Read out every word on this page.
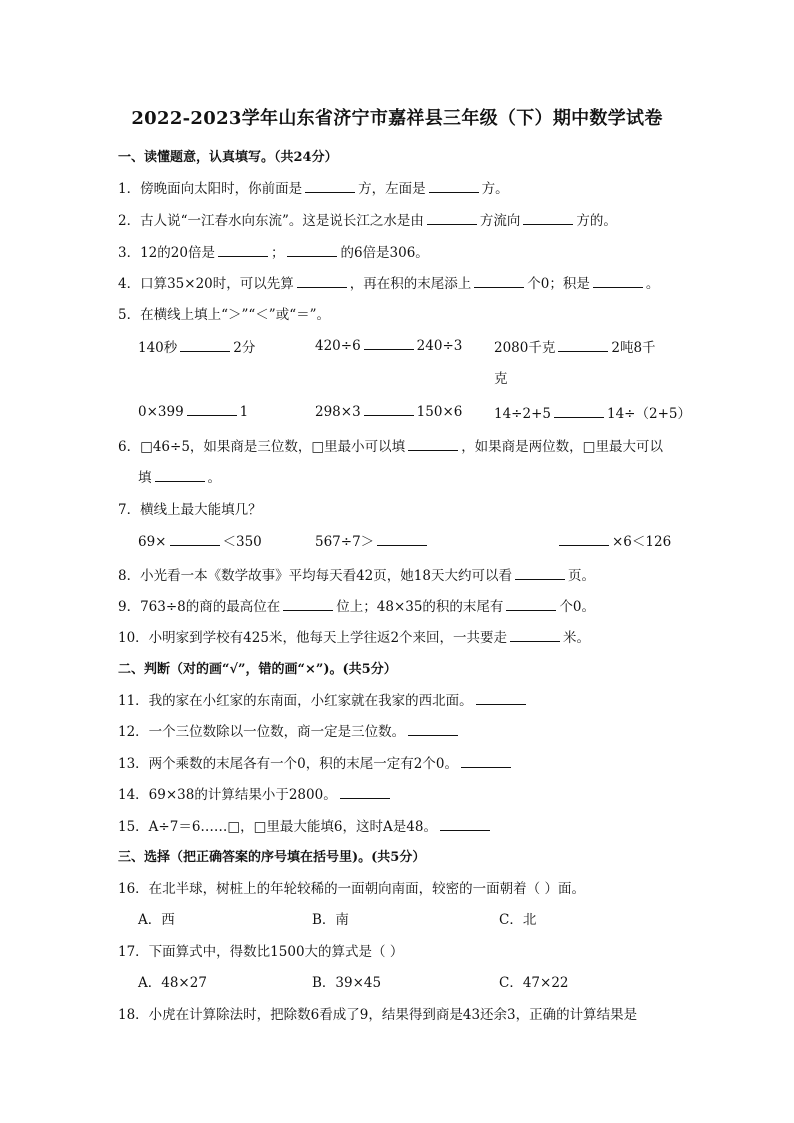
2022-2023学年山东省济宁市嘉祥县三年级（下）期中数学试卷
一、读懂题意，认真填写。（共24分）
1．傍晚面向太阳时，你前面是	方，左面是	方。
2．古人说“一江春水向东流”。这是说长江之水是由	方流向	方的。
3．12的20倍是	；	的6倍是306。
4．口算35×20时，可以先算	，再在积的末尾添上	个0；积是	。
5．在横线上填上“＞”“＜”或“＝”。
140秒	2分	420÷6	240÷3 2080千克	2吨8千
克
0×399	1	298×3	150×6 14÷2+5	14÷（2+5）
6．□46÷5，如果商是三位数，□里最小可以填	，如果商是两位数，□里最大可以
填	。
7．横线上最大能填几？
69×	＜350	567÷7＞	×6＜126
8．小光看一本《数学故事》平均每天看42页，她18天大约可以看	页。
9．763÷8的商的最高位在	位上；48×35的积的末尾有	个0。
10．小明家到学校有425米，他每天上学往返2个来回，一共要走	米。
二、判断（对的画“√”，错的画“×”)。(共5分）
11．我的家在小红家的东南面，小红家就在我家的西北面。
12．一个三位数除以一位数，商一定是三位数。
13．两个乘数的末尾各有一个0，积的末尾一定有2个0。
14．69×38的计算结果小于2800。
15．A÷7＝6……□，□里最大能填6，这时A是48。
三、选择（把正确答案的序号填在括号里)。(共5分）
16．在北半球，树桩上的年轮较稀的一面朝向南面，较密的一面朝着（ ）面。
A．西	B．南	C．北
17．下面算式中，得数比1500大的算式是（ ）
A．48×27	B．39×45	C．47×22
18．小虎在计算除法时，把除数6看成了9，结果得到商是43还余3，正确的计算结果是
